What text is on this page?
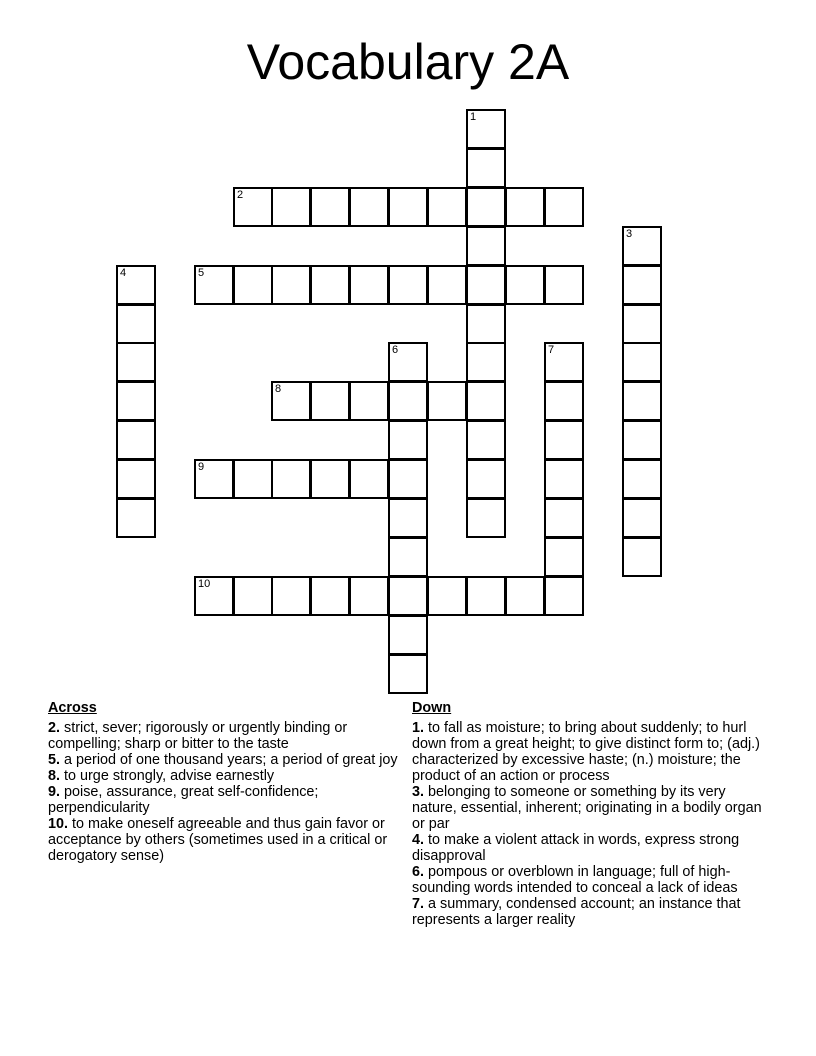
Vocabulary 2A
1
2
3
4	5
6	7
8
9
10
Across
2. strict, sever; rigorously or urgently binding or compelling; sharp or bitter to the taste
5. a period of one thousand years; a period of great joy
8. to urge strongly, advise earnestly
9. poise, assurance, great self-confidence; perpendicularity
10. to make oneself agreeable and thus gain favor or acceptance by others (sometimes used in a critical or derogatory sense)
Down
1. to fall as moisture; to bring about suddenly; to hurl down from a great height; to give distinct form to; (adj.) characterized by excessive haste; (n.) moisture; the product of an action or process
3. belonging to someone or something by its very nature, essential, inherent; originating in a bodily organ or par
4. to make a violent attack in words, express strong disapproval
6. pompous or overblown in language; full of high-sounding words intended to conceal a lack of ideas
7. a summary, condensed account; an instance that represents a larger reality
